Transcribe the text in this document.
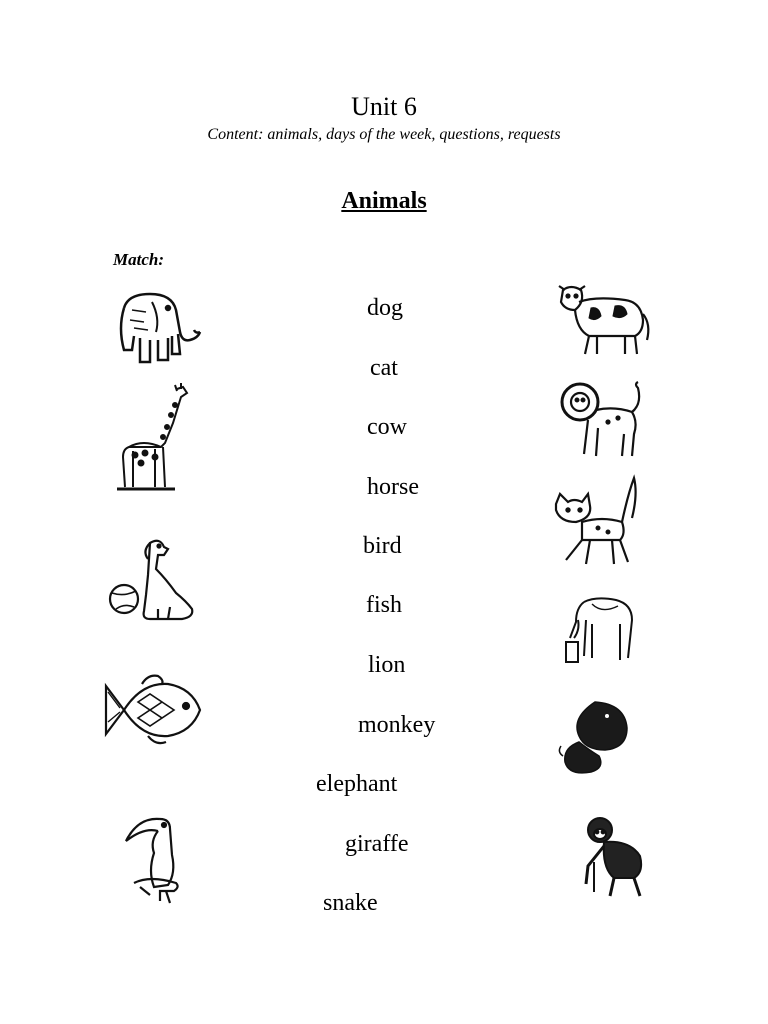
Unit 6
Content: animals, days of the week, questions, requests
Animals
Match:
dog
cat
cow
horse
bird
fish
lion
monkey
elephant
giraffe
snake
